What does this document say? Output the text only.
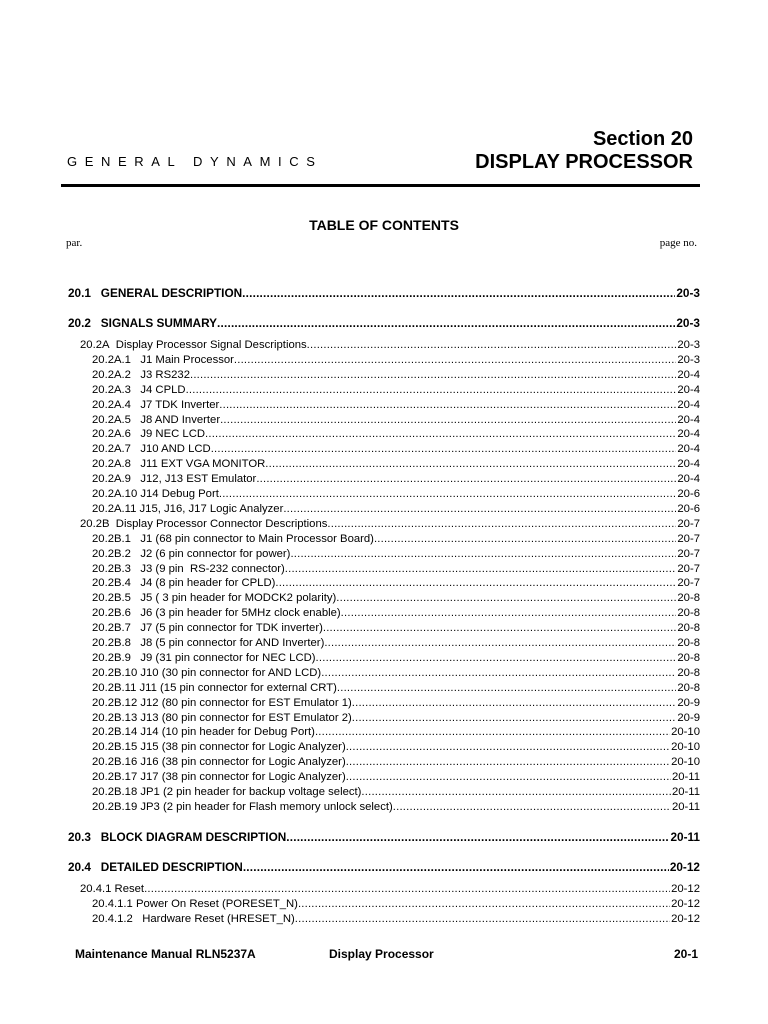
Section 20
DISPLAY PROCESSOR
GENERAL DYNAMICS
TABLE OF CONTENTS
par.	page no.
20.1   GENERAL DESCRIPTION .....	20-3
20.2   SIGNALS SUMMARY .....	20-3
20.2A  Display Processor Signal Descriptions .....	20-3
20.2A.1   J1 Main Processor .....	20-3
20.2A.2   J3 RS232 .....	20-4
20.2A.3   J4 CPLD .....	20-4
20.2A.4   J7 TDK Inverter .....	20-4
20.2A.5   J8 AND Inverter .....	20-4
20.2A.6   J9 NEC LCD .....	20-4
20.2A.7   J10 AND LCD .....	20-4
20.2A.8   J11 EXT VGA MONITOR .....	20-4
20.2A.9   J12, J13 EST Emulator .....	20-4
20.2A.10 J14 Debug Port .....	20-6
20.2A.11 J15, J16, J17 Logic Analyzer .....	20-6
20.2B  Display Processor Connector Descriptions .....	20-7
20.2B.1   J1 (68 pin connector to Main Processor Board) .....	20-7
20.2B.2   J2 (6 pin connector for power) .....	20-7
20.2B.3   J3 (9 pin  RS-232 connector) .....	20-7
20.2B.4   J4 (8 pin header for CPLD) .....	20-7
20.2B.5   J5 ( 3 pin header for MODCK2 polarity) .....	20-8
20.2B.6   J6 (3 pin header for 5MHz clock enable) .....	20-8
20.2B.7   J7 (5 pin connector for TDK inverter) .....	20-8
20.2B.8   J8 (5 pin connector for AND Inverter) .....	20-8
20.2B.9   J9 (31 pin connector for NEC LCD) .....	20-8
20.2B.10 J10 (30 pin connector for AND LCD) .....	20-8
20.2B.11 J11 (15 pin connector for external CRT) .....	20-8
20.2B.12 J12 (80 pin connector for EST Emulator 1) .....	20-9
20.2B.13 J13 (80 pin connector for EST Emulator 2) .....	20-9
20.2B.14 J14 (10 pin header for Debug Port) .....	20-10
20.2B.15 J15 (38 pin connector for Logic Analyzer) .....	20-10
20.2B.16 J16 (38 pin connector for Logic Analyzer) .....	20-10
20.2B.17 J17 (38 pin connector for Logic Analyzer) .....	20-11
20.2B.18 JP1 (2 pin header for backup voltage select) .....	20-11
20.2B.19 JP3 (2 pin header for Flash memory unlock select) .....	20-11
20.3   BLOCK DIAGRAM DESCRIPTION .....	20-11
20.4   DETAILED DESCRIPTION .....	20-12
20.4.1 Reset .....	20-12
20.4.1.1 Power On Reset (PORESET_N) .....	20-12
20.4.1.2   Hardware Reset (HRESET_N) .....	20-12
Maintenance Manual RLN5237A	Display Processor	20-1
